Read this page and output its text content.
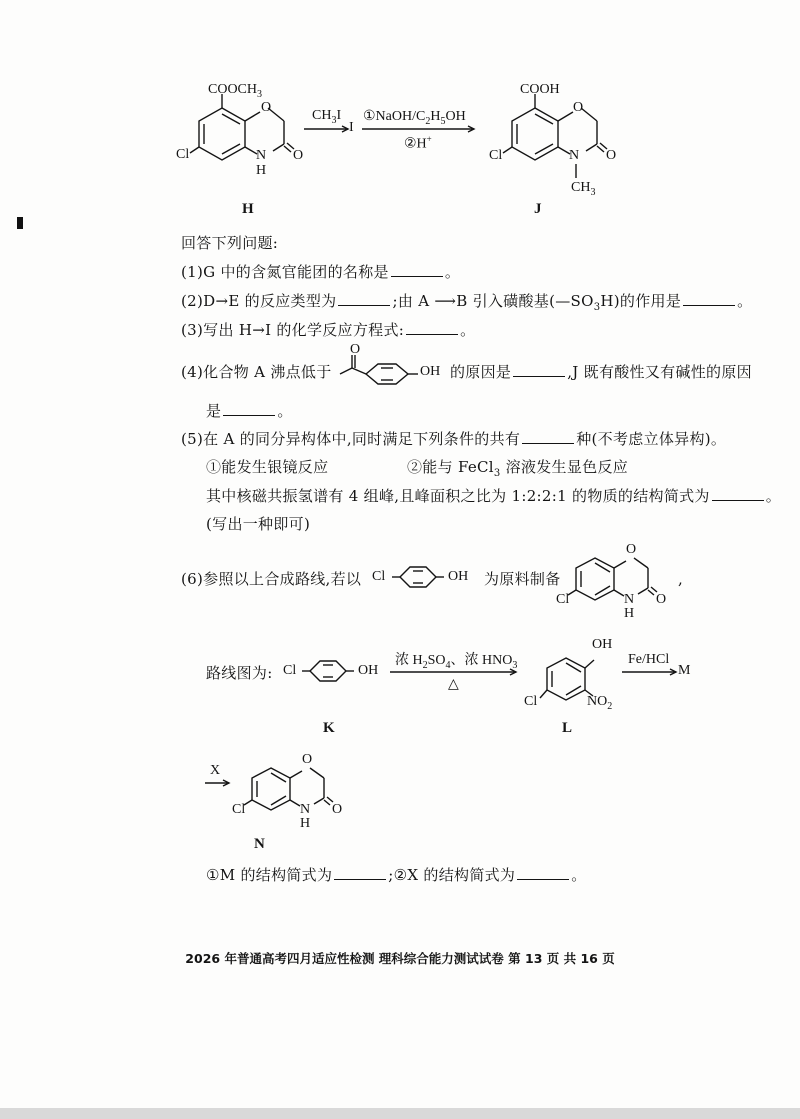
$COOCH_3$
O
Cl	N
H
O
H
$CH_3I$
I
①NaOH/$C_2H_5OH$
②H+
COOH
O
Cl	N O
$CH_3$
J
回答下列问题:
(1)G 中的含氮官能团的名称是	。
(2)D→E 的反应类型为	;由 A ⟶B 引入磺酸基$(—SO_3H)$的作用是	。
(3)写出 H→I 的化学反应方程式:	。
(4)化合物 A 沸点低于
O
OH 的原因是	,J 既有酸性又有碱性的原因
是	。
(5)在 A 的同分异构体中,同时满足下列条件的共有	种(不考虑立体异构)。
①能发生银镜反应	②能与 FeCl$_3$ 溶液发生显色反应
其中核磁共振氢谱有 4 组峰,且峰面积之比为 1:2:2:1 的物质的结构简式为	。
(写出一种即可)
(6)参照以上合成路线,若以 Cl	OH 为原料制备
O
Cl	N
H
O
,
路线图为: Cl	OH
K
浓 $H_2SO_4$、浓 $HNO_3$
△
OH
Cl	$NO_2$
L
Fe/HCl
M
X
O
Cl	N
H
O
N
①M 的结构简式为	;②X 的结构简式为	。
2026 年普通高考四月适应性检测 理科综合能力测试试卷 第 13 页 共 16 页
